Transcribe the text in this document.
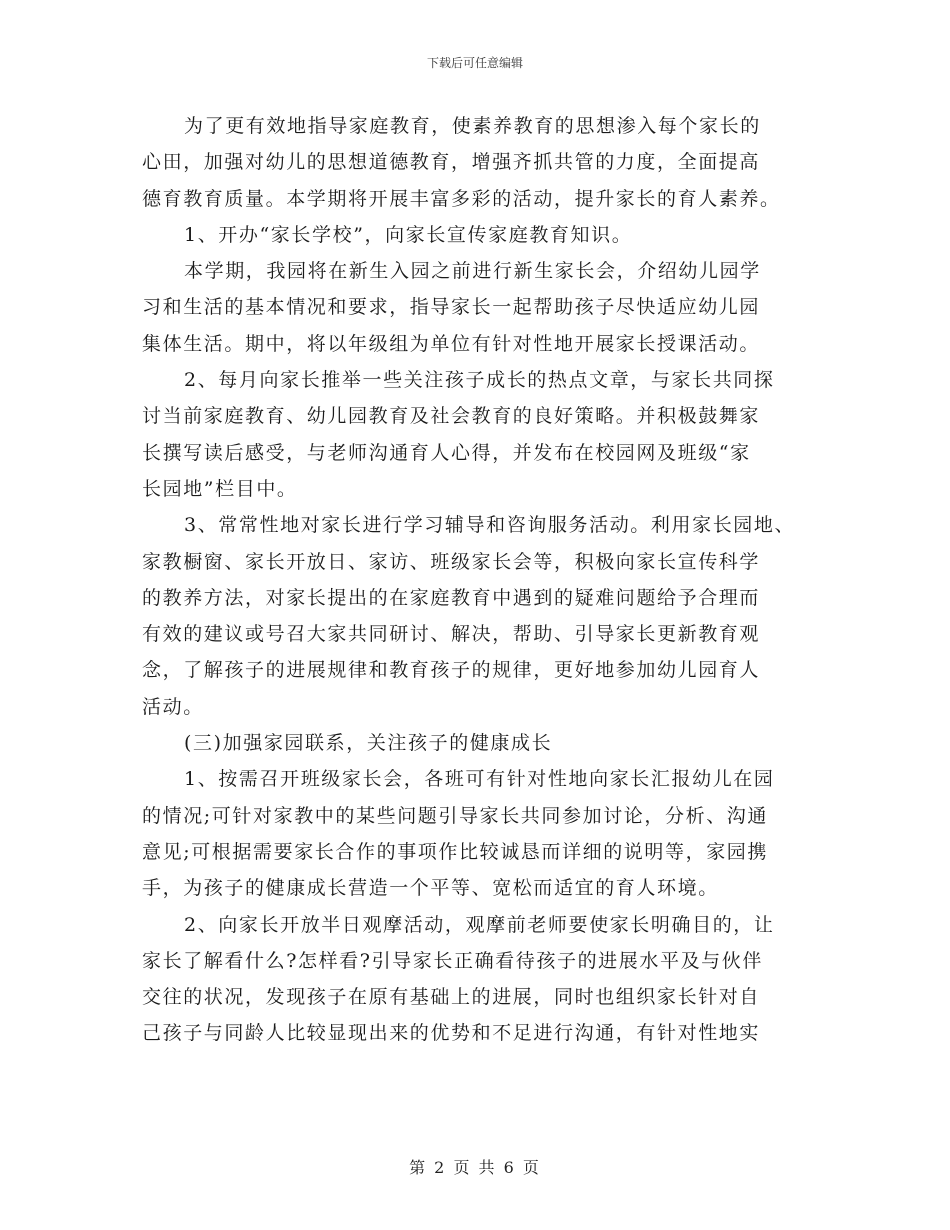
下载后可任意编辑
为了更有效地指导家庭教育，使素养教育的思想渗入每个家长的
心田，加强对幼儿的思想道德教育，增强齐抓共管的力度，全面提高
德育教育质量。本学期将开展丰富多彩的活动，提升家长的育人素养。
1、开办“家长学校”，向家长宣传家庭教育知识。
本学期，我园将在新生入园之前进行新生家长会，介绍幼儿园学
习和生活的基本情况和要求，指导家长一起帮助孩子尽快适应幼儿园
集体生活。期中，将以年级组为单位有针对性地开展家长授课活动。
2、每月向家长推举一些关注孩子成长的热点文章，与家长共同探
讨当前家庭教育、幼儿园教育及社会教育的良好策略。并积极鼓舞家
长撰写读后感受，与老师沟通育人心得，并发布在校园网及班级“家
长园地”栏目中。
3、常常性地对家长进行学习辅导和咨询服务活动。利用家长园地、
家教橱窗、家长开放日、家访、班级家长会等，积极向家长宣传科学
的教养方法，对家长提出的在家庭教育中遇到的疑难问题给予合理而
有效的建议或号召大家共同研讨、解决，帮助、引导家长更新教育观
念，了解孩子的进展规律和教育孩子的规律，更好地参加幼儿园育人
活动。
(三)加强家园联系，关注孩子的健康成长
1、按需召开班级家长会，各班可有针对性地向家长汇报幼儿在园
的情况;可针对家教中的某些问题引导家长共同参加讨论，分析、沟通
意见;可根据需要家长合作的事项作比较诚恳而详细的说明等，家园携
手，为孩子的健康成长营造一个平等、宽松而适宜的育人环境。
2、向家长开放半日观摩活动，观摩前老师要使家长明确目的，让
家长了解看什么?怎样看?引导家长正确看待孩子的进展水平及与伙伴
交往的状况，发现孩子在原有基础上的进展，同时也组织家长针对自
己孩子与同龄人比较显现出来的优势和不足进行沟通，有针对性地实
第 2 页 共 6 页
